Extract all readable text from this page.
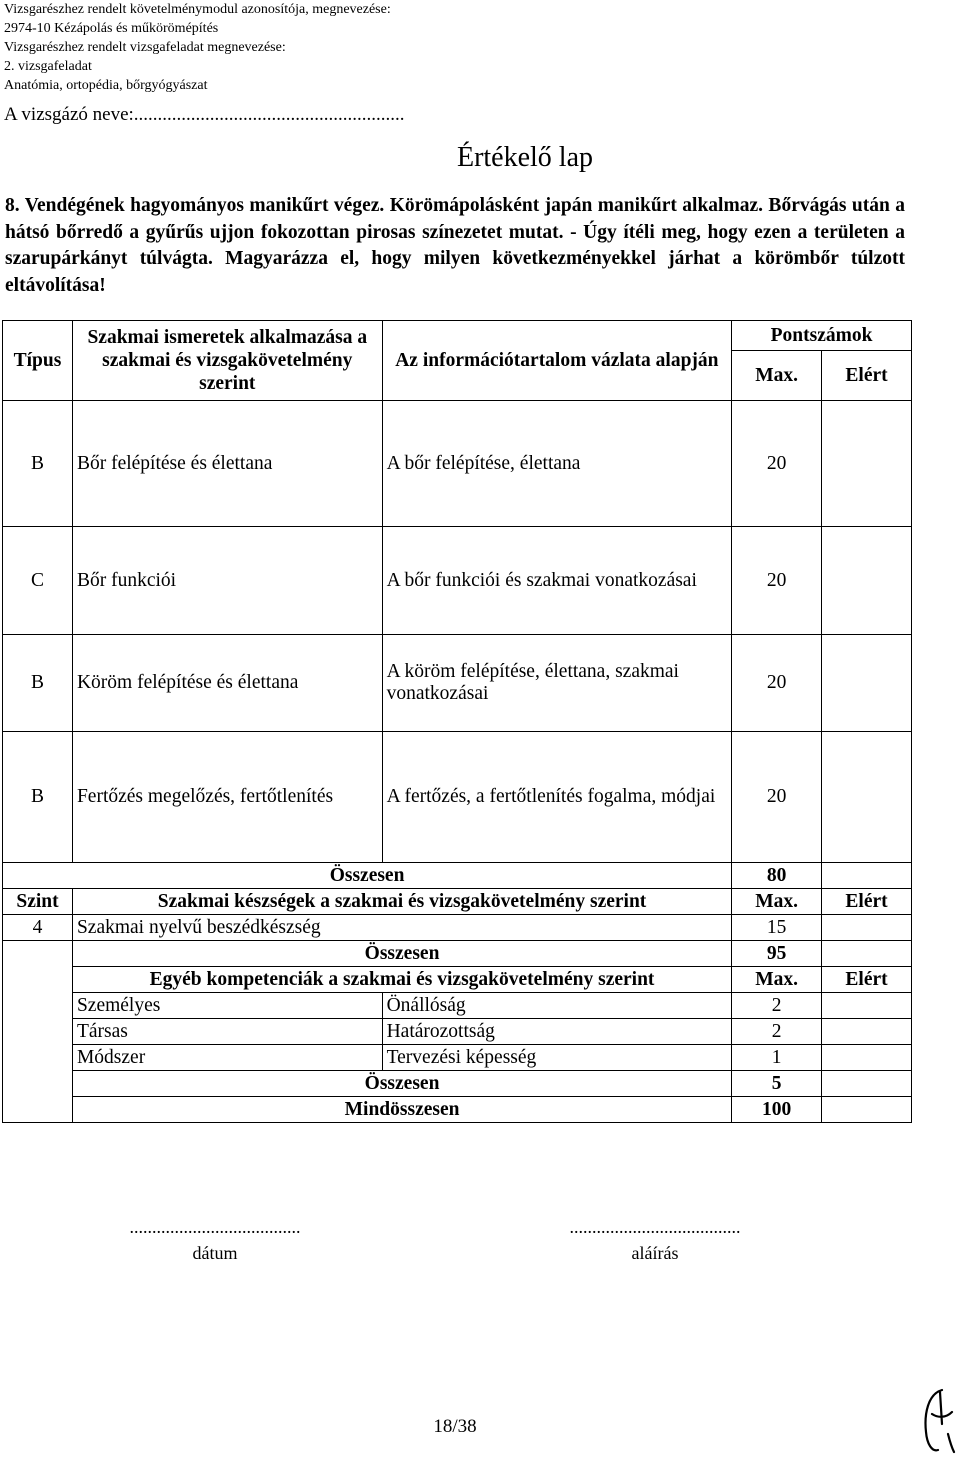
Vizsgarészhez rendelt követelménymodul azonosítója, megnevezése:
2974-10 Kézápolás és műkörömépítés
Vizsgarészhez rendelt vizsgafeladat megnevezése:
2. vizsgafeladat
Anatómia, ortopédia, bőrgyógyászat
A vizsgázó neve:.........................................................
Értékelő lap
8. Vendégének hagyományos manikűrt végez. Körömápolásként japán manikűrt alkalmaz. Bőrvágás után a hátsó bőrredő a gyűrűs ujjon fokozottan pirosas színezetet mutat. - Úgy ítéli meg, hogy ezen a területen a szarupárkányt túlvágta. Magyarázza el, hogy milyen következményekkel járhat a körömbőr túlzott eltávolítása!
Típus	Szakmai ismeretek alkalmazása a szakmai és vizsgakövetelmény szerint	Az információtartalom vázlata alapján	Pontszámok	
			Max.	Elért
B	Bőr felépítése és élettana	A bőr felépítése, élettana	20	
C	Bőr funkciói	A bőr funkciói és szakmai vonatkozásai	20	
B	Köröm felépítése és élettana	A köröm felépítése, élettana, szakmai vonatkozásai	20	
B	Fertőzés megelőzés, fertőtlenítés	A fertőzés, a fertőtlenítés fogalma, módjai	20	
Összesen			80	
Szint	Szakmai készségek a szakmai és vizsgakövetelmény szerint		Max.	Elért
4	Szakmai nyelvű beszédkészség		15	
	Összesen		95	
	Egyéb kompetenciák a szakmai és vizsgakövetelmény szerint		Max.	Elért
	Személyes	Önállóság	2	
	Társas	Határozottság	2	
	Módszer	Tervezési képesség	1	
	Összesen		5	
	Mindösszesen		100	
......................................
dátum
......................................
aláírás
18/38
